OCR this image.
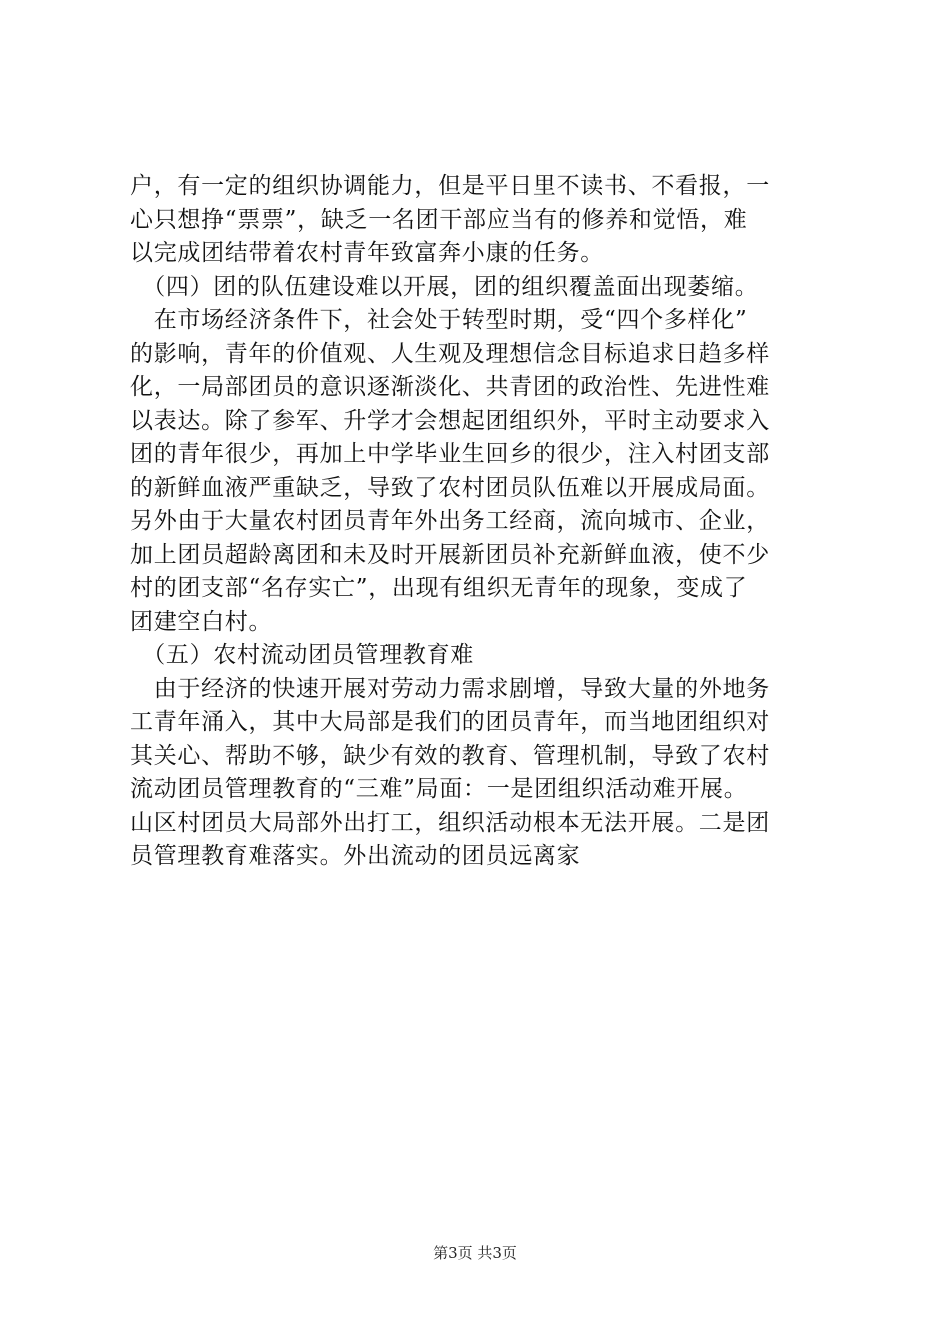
户，有一定的组织协调能力，但是平日里不读书、不看报，一
心只想挣“票票”，缺乏一名团干部应当有的修养和觉悟，难
以完成团结带着农村青年致富奔小康的任务。
　（四）团的队伍建设难以开展，团的组织覆盖面出现萎缩。
　在市场经济条件下，社会处于转型时期，受“四个多样化”
的影响，青年的价值观、人生观及理想信念目标追求日趋多样
化，一局部团员的意识逐渐淡化、共青团的政治性、先进性难
以表达。除了参军、升学才会想起团组织外，平时主动要求入
团的青年很少，再加上中学毕业生回乡的很少，注入村团支部
的新鲜血液严重缺乏，导致了农村团员队伍难以开展成局面。
另外由于大量农村团员青年外出务工经商，流向城市、企业，
加上团员超龄离团和未及时开展新团员补充新鲜血液，使不少
村的团支部“名存实亡”，出现有组织无青年的现象，变成了
团建空白村。
　（五）农村流动团员管理教育难
　由于经济的快速开展对劳动力需求剧增，导致大量的外地务
工青年涌入，其中大局部是我们的团员青年，而当地团组织对
其关心、帮助不够，缺少有效的教育、管理机制，导致了农村
流动团员管理教育的“三难”局面：一是团组织活动难开展。
山区村团员大局部外出打工，组织活动根本无法开展。二是团
员管理教育难落实。外出流动的团员远离家
第3页 共3页
